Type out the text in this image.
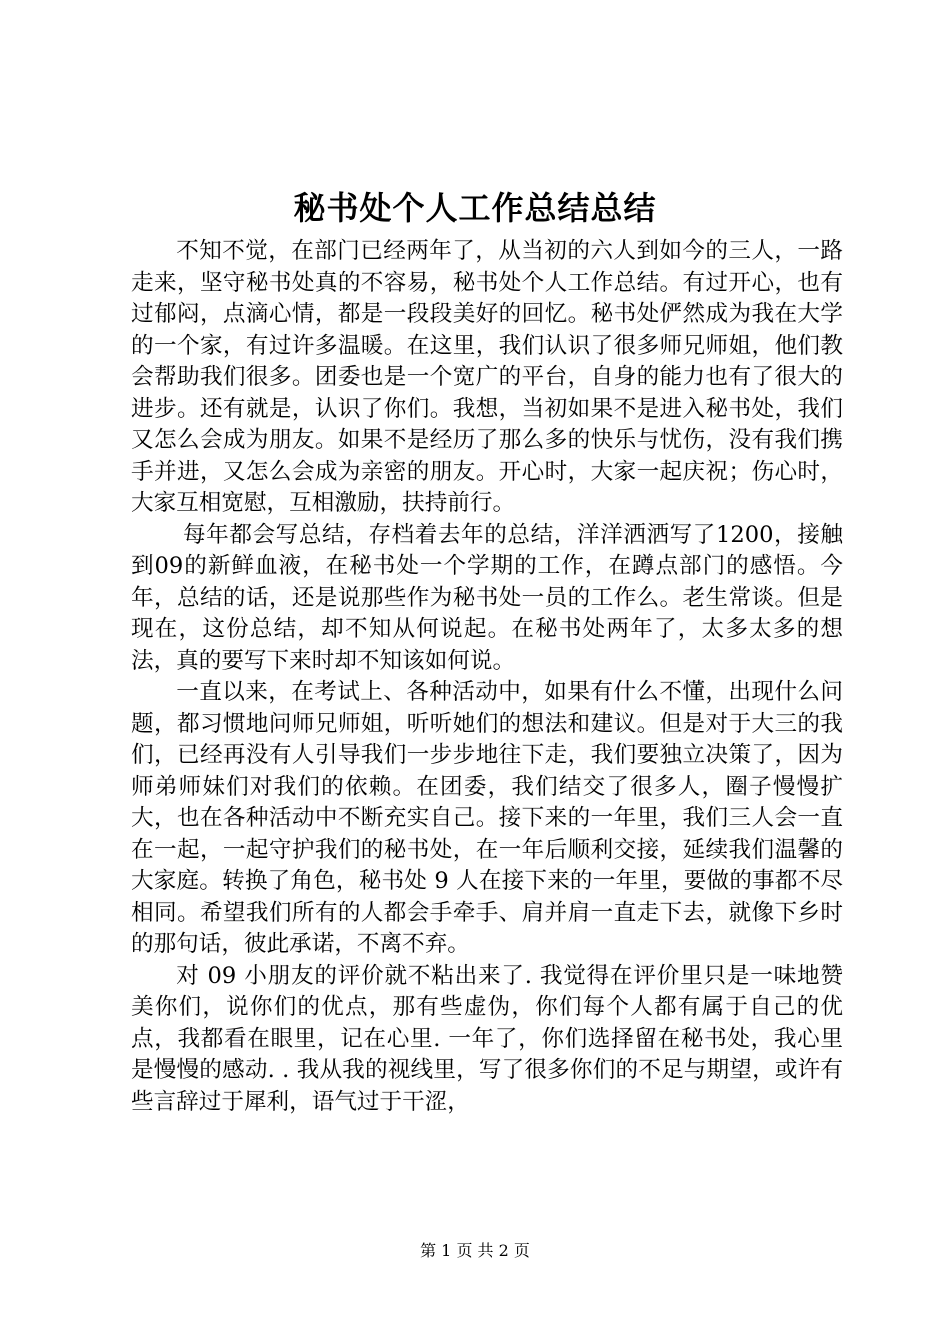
秘书处个人工作总结总结

不知不觉，在部门已经两年了，从当初的六人到如今的三人，一路走来，坚守秘书处真的不容易，秘书处个人工作总结。有过开心，也有过郁闷，点滴心情，都是一段段美好的回忆。秘书处俨然成为我在大学的一个家，有过许多温暖。在这里，我们认识了很多师兄师姐，他们教会帮助我们很多。团委也是一个宽广的平台，自身的能力也有了很大的进步。还有就是，认识了你们。我想，当初如果不是进入秘书处，我们又怎么会成为朋友。如果不是经历了那么多的快乐与忧伤，没有我们携手并进，又怎么会成为亲密的朋友。开心时，大家一起庆祝；伤心时，大家互相宽慰，互相激励，扶持前行。

每年都会写总结，存档着去年的总结，洋洋洒洒写了1200，接触到09的新鲜血液，在秘书处一个学期的工作，在蹲点部门的感悟。今年，总结的话，还是说那些作为秘书处一员的工作么。老生常谈。但是现在，这份总结，却不知从何说起。在秘书处两年了，太多太多的想法，真的要写下来时却不知该如何说。

一直以来，在考试上、各种活动中，如果有什么不懂，出现什么问题，都习惯地问师兄师姐，听听她们的想法和建议。但是对于大三的我们，已经再没有人引导我们一步步地往下走，我们要独立决策了，因为师弟师妹们对我们的依赖。在团委，我们结交了很多人，圈子慢慢扩大，也在各种活动中不断充实自己。接下来的一年里，我们三人会一直在一起，一起守护我们的秘书处，在一年后顺利交接，延续我们温馨的大家庭。转换了角色，秘书处 9 人在接下来的一年里，要做的事都不尽相同。希望我们所有的人都会手牵手、肩并肩一直走下去，就像下乡时的那句话，彼此承诺，不离不弃。

对 09 小朋友的评价就不粘出来了. 我觉得在评价里只是一味地赞美你们，说你们的优点，那有些虚伪，你们每个人都有属于自己的优点，我都看在眼里，记在心里. 一年了，你们选择留在秘书处，我心里是慢慢的感动. . 我从我的视线里，写了很多你们的不足与期望，或许有些言辞过于犀利，语气过于干涩，

第 1 页 共 2 页
